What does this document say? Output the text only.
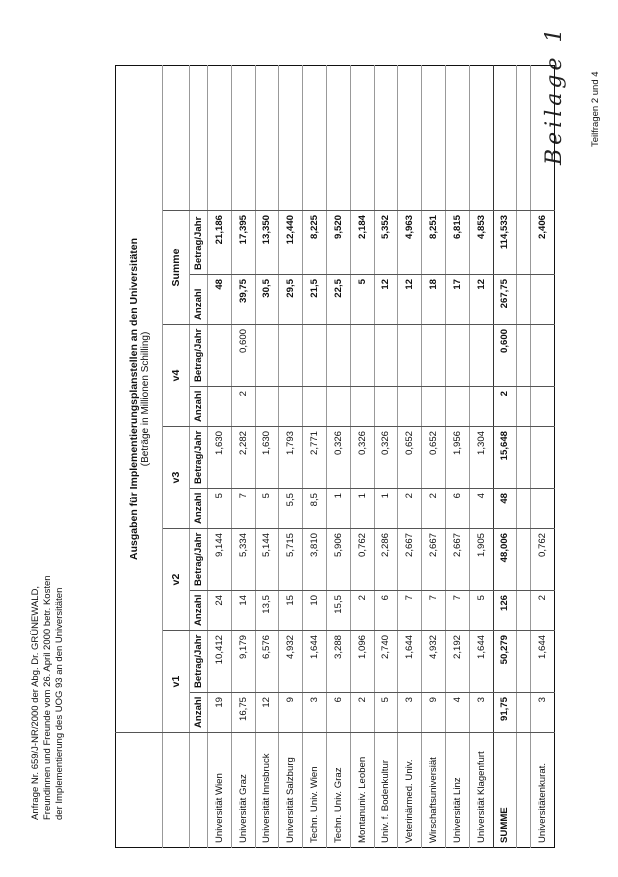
Anfrage Nr. 659/J-NR/2000 der Abg. Dr. GRÜNEWALD, Freundinnen und Freunde vom 26. April 2000 betr. Kosten der Implementierung des UOG 93 an den Universitäten
Beilage 1 Teilfragen 2 und 4

	Ausgaben für Implementierungsplanstellen an den Universitäten (Beträge in Millionen Schilling)										

	v1		v2		v3		v4		Summe		
	Anzahl	Betrag/Jahr	Anzahl	Betrag/Jahr	Anzahl	Betrag/Jahr	Anzahl	Betrag/Jahr	Anzahl	Betrag/Jahr	
Universität Wien	19	10,412	24	9,144	5	1,630			48	21,186	
Universität Graz	16,75	9,179	14	5,334	7	2,282	2	0,600	39,75	17,395	
Universität Innsbruck	12	6,576	13,5	5,144	5	1,630			30,5	13,350	
Universität Salzburg	9	4,932	15	5,715	5,5	1,793			29,5	12,440	
Techn. Univ. Wien	3	1,644	10	3,810	8,5	2,771			21,5	8,225	
Techn. Univ. Graz	6	3,288	15,5	5,906	1	0,326			22,5	9,520	
Montanuniv. Leoben	2	1,096	2	0,762	1	0,326			5	2,184	
Univ. f. Bodenkultur	5	2,740	6	2,286	1	0,326			12	5,352	
Veterinärmed. Univ.	3	1,644	7	2,667	2	0,652			12	4,963	
Wirschaftsuniversiät	9	4,932	7	2,667	2	0,652			18	8,251	
Universität Linz	4	2,192	7	2,667	6	1,956			17	6,815	
Universität Klagenfurt	3	1,644	5	1,905	4	1,304			12	4,853	
SUMME	91,75	50,279	126	48,006	48	15,648	2	0,600	267,75	114,533	

Universitätenkurat.	3	1,644	2	0,762						2,406	
